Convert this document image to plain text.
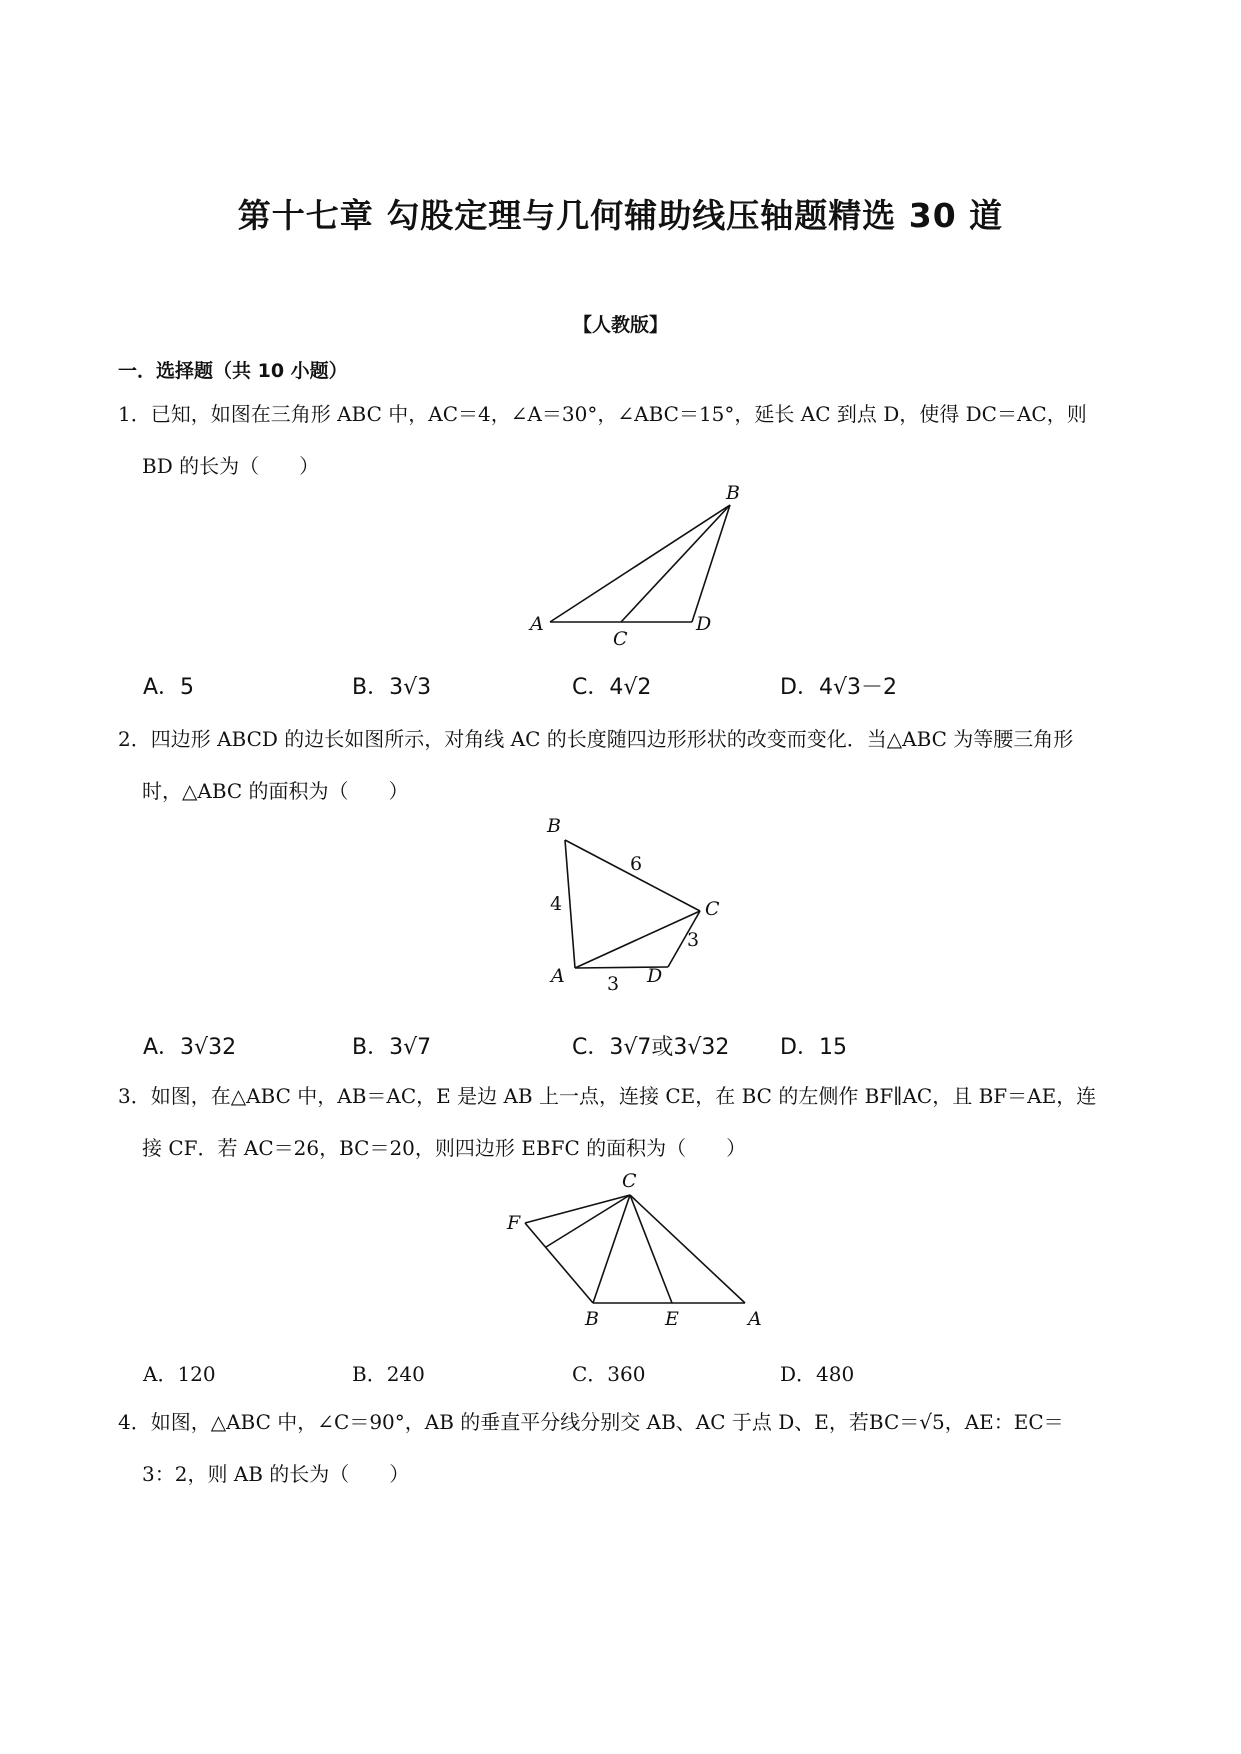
第十七章 勾股定理与几何辅助线压轴题精选 30 道
【人教版】
一．选择题（共 10 小题）
1．已知，如图在三角形 ABC 中，AC＝4，∠A＝30°，∠ABC＝15°，延长 AC 到点 D，使得 DC＝AC，则
BD 的长为（　　）
B
A
C
D
A．5	B．3√3	C．4√2	D．4√3－2
2．四边形 ABCD 的边长如图所示，对角线 AC 的长度随四边形形状的改变而变化．当△ABC 为等腰三角形
时，△ABC 的面积为（　　）
B
C
A	D
4
6
3
3
A．3√32	B．3√7	C．3√7或3√32 D．15
3．如图，在△ABC 中，AB＝AC，E 是边 AB 上一点，连接 CE，在 BC 的左侧作 BF∥AC，且 BF＝AE，连
接 CF．若 AC＝26，BC＝20，则四边形 EBFC 的面积为（　　）
C
F
B	E	A
A．120	B．240	C．360	D．480
4．如图，△ABC 中，∠C＝90°，AB 的垂直平分线分别交 AB、AC 于点 D、E，若BC＝√5，AE：EC＝
3：2，则 AB 的长为（　　）
